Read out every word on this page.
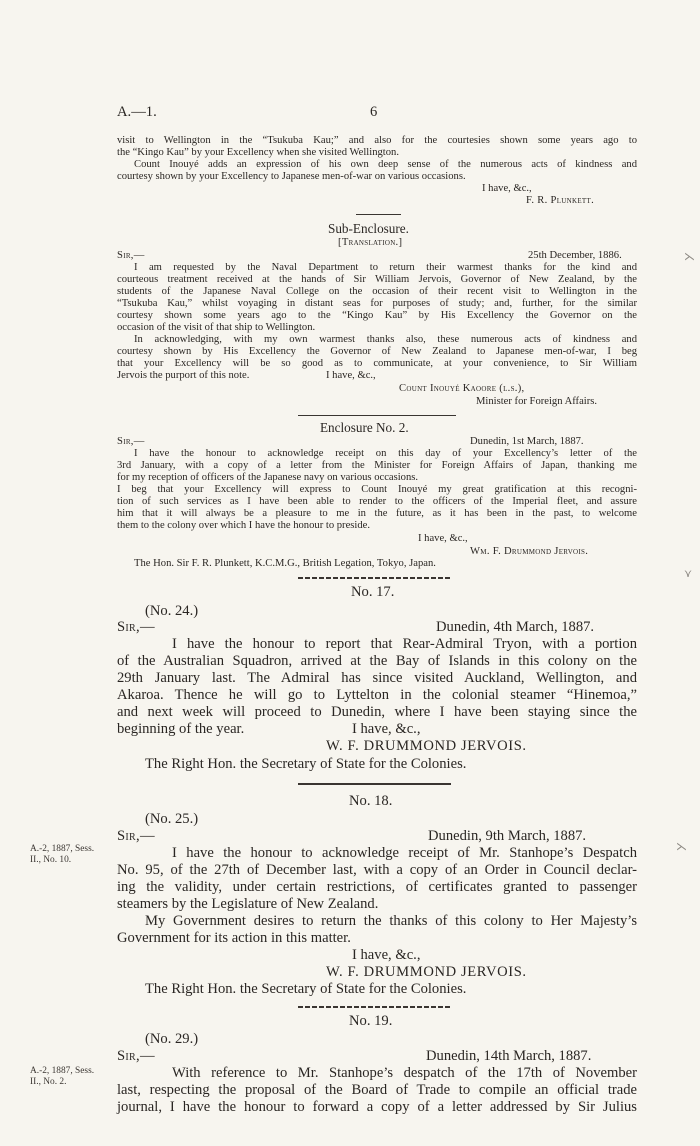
A.—1.	6
visit to Wellington in the “Tsukuba Kau;” and also for the courtesies shown some years ago to
the “Kingo Kau” by your Excellency when she visited Wellington.
Count Inouyé adds an expression of his own deep sense of the numerous acts of kindness and
courtesy shown by your Excellency to Japanese men-of-war on various occasions.
I have, &c.,
F. R. Plunkett.
Sub-Enclosure.
[Translation.]
Sir,—	25th December, 1886.
I am requested by the Naval Department to return their warmest thanks for the kind and
courteous treatment received at the hands of Sir William Jervois, Governor of New Zealand, by the
students of the Japanese Naval College on the occasion of their recent visit to Wellington in the
“Tsukuba Kau,” whilst voyaging in distant seas for purposes of study; and, further, for the similar
courtesy shown some years ago to the “Kingo Kau” by His Excellency the Governor on the
occasion of the visit of that ship to Wellington.
In acknowledging, with my own warmest thanks also, these numerous acts of kindness and
courtesy shown by His Excellency the Governor of New Zealand to Japanese men-of-war, I beg
that your Excellency will be so good as to communicate, at your convenience, to Sir William
Jervois the purport of this note.	I have, &c.,
Count Inouyé Kaoore (l.s.),
Minister for Foreign Affairs.
Enclosure No. 2.
Sir,—	Dunedin, 1st March, 1887.
I have the honour to acknowledge receipt on this day of your Excellency’s letter of the
3rd January, with a copy of a letter from the Minister for Foreign Affairs of Japan, thanking me
for my reception of officers of the Japanese navy on various occasions.
I beg that your Excellency will express to Count Inouyé my great gratification at this recogni-
tion of such services as I have been able to render to the officers of the Imperial fleet, and assure
him that it will always be a pleasure to me in the future, as it has been in the past, to welcome
them to the colony over which I have the honour to preside.
I have, &c.,
Wm. F. Drummond Jervois.
The Hon. Sir F. R. Plunkett, K.C.M.G., British Legation, Tokyo, Japan.
No. 17.
(No. 24.)
Sir,—	Dunedin, 4th March, 1887.
I have the honour to report that Rear-Admiral Tryon, with a portion
of the Australian Squadron, arrived at the Bay of Islands in this colony on the
29th January last. The Admiral has since visited Auckland, Wellington, and
Akaroa. Thence he will go to Lyttelton in the colonial steamer “Hinemoa,”
and next week will proceed to Dunedin, where I have been staying since the
beginning of the year.	I have, &c.,
W. F. DRUMMOND JERVOIS.
The Right Hon. the Secretary of State for the Colonies.
No. 18.
(No. 25.)
Sir,—	Dunedin, 9th March, 1887.
A.-2, 1887, Sess.
II., No. 10.	I have the honour to acknowledge receipt of Mr. Stanhope’s Despatch
No. 95, of the 27th of December last, with a copy of an Order in Council declar-
ing the validity, under certain restrictions, of certificates granted to passenger
steamers by the Legislature of New Zealand.
My Government desires to return the thanks of this colony to Her Majesty’s
Government for its action in this matter.
I have, &c.,
W. F. DRUMMOND JERVOIS.
The Right Hon. the Secretary of State for the Colonies.
No. 19.
(No. 29.)
Sir,—	Dunedin, 14th March, 1887.
A.-2, 1887, Sess.
II., No. 2.
With reference to Mr. Stanhope’s despatch of the 17th of November
last, respecting the proposal of the Board of Trade to compile an official trade
journal, I have the honour to forward a copy of a letter addressed by Sir Julius
⋋
⋎
⋋
